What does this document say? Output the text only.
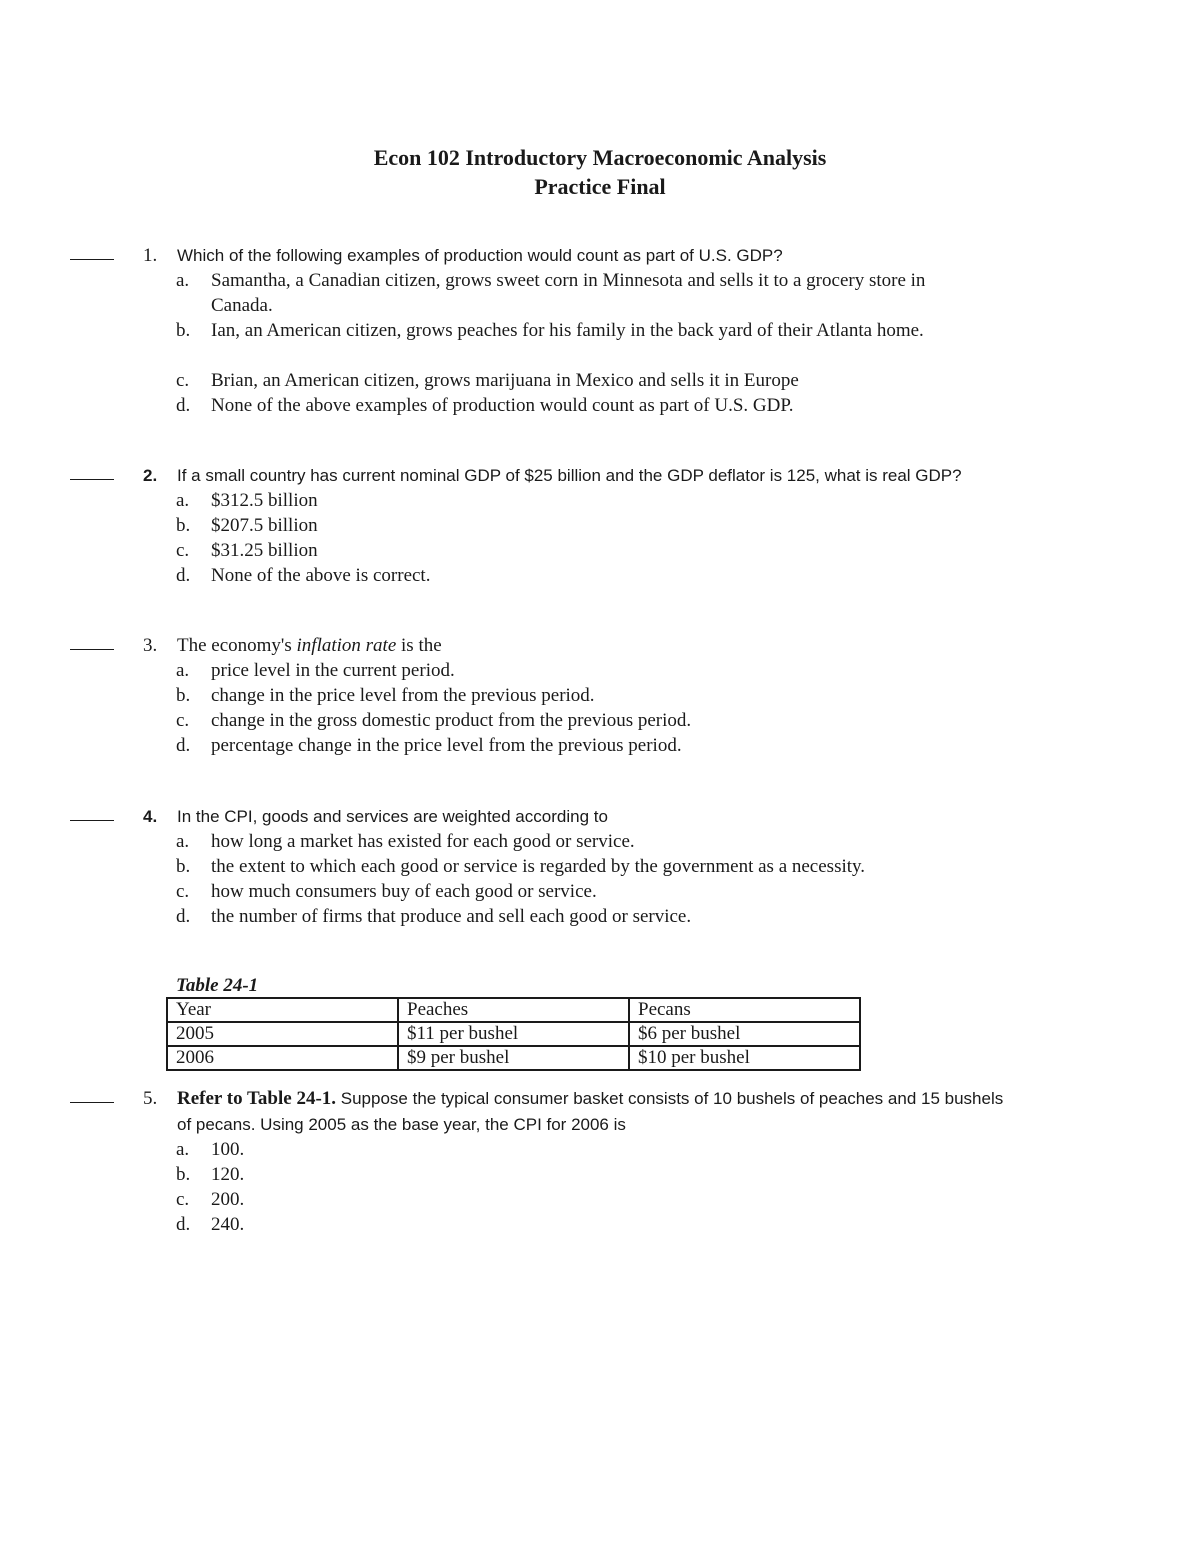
Econ 102 Introductory Macroeconomic Analysis
Practice Final
1. Which of the following examples of production would count as part of U.S. GDP?
a. Samantha, a Canadian citizen, grows sweet corn in Minnesota and sells it to a grocery store in Canada.
b. Ian, an American citizen, grows peaches for his family in the back yard of their Atlanta home.
c. Brian, an American citizen, grows marijuana in Mexico and sells it in Europe
d. None of the above examples of production would count as part of U.S. GDP.
2. If a small country has current nominal GDP of $25 billion and the GDP deflator is 125, what is real GDP?
a. $312.5 billion
b. $207.5 billion
c. $31.25 billion
d. None of the above is correct.
3. The economy's inflation rate is the
a. price level in the current period.
b. change in the price level from the previous period.
c. change in the gross domestic product from the previous period.
d. percentage change in the price level from the previous period.
4. In the CPI, goods and services are weighted according to
a. how long a market has existed for each good or service.
b. the extent to which each good or service is regarded by the government as a necessity.
c. how much consumers buy of each good or service.
d. the number of firms that produce and sell each good or service.
Table 24-1
Year	Peaches	Pecans
2005	$11 per bushel	$6 per bushel
2006	$9 per bushel	$10 per bushel
5. Refer to Table 24-1. Suppose the typical consumer basket consists of 10 bushels of peaches and 15 bushels
of pecans. Using 2005 as the base year, the CPI for 2006 is
a. 100.
b. 120.
c. 200.
d. 240.
